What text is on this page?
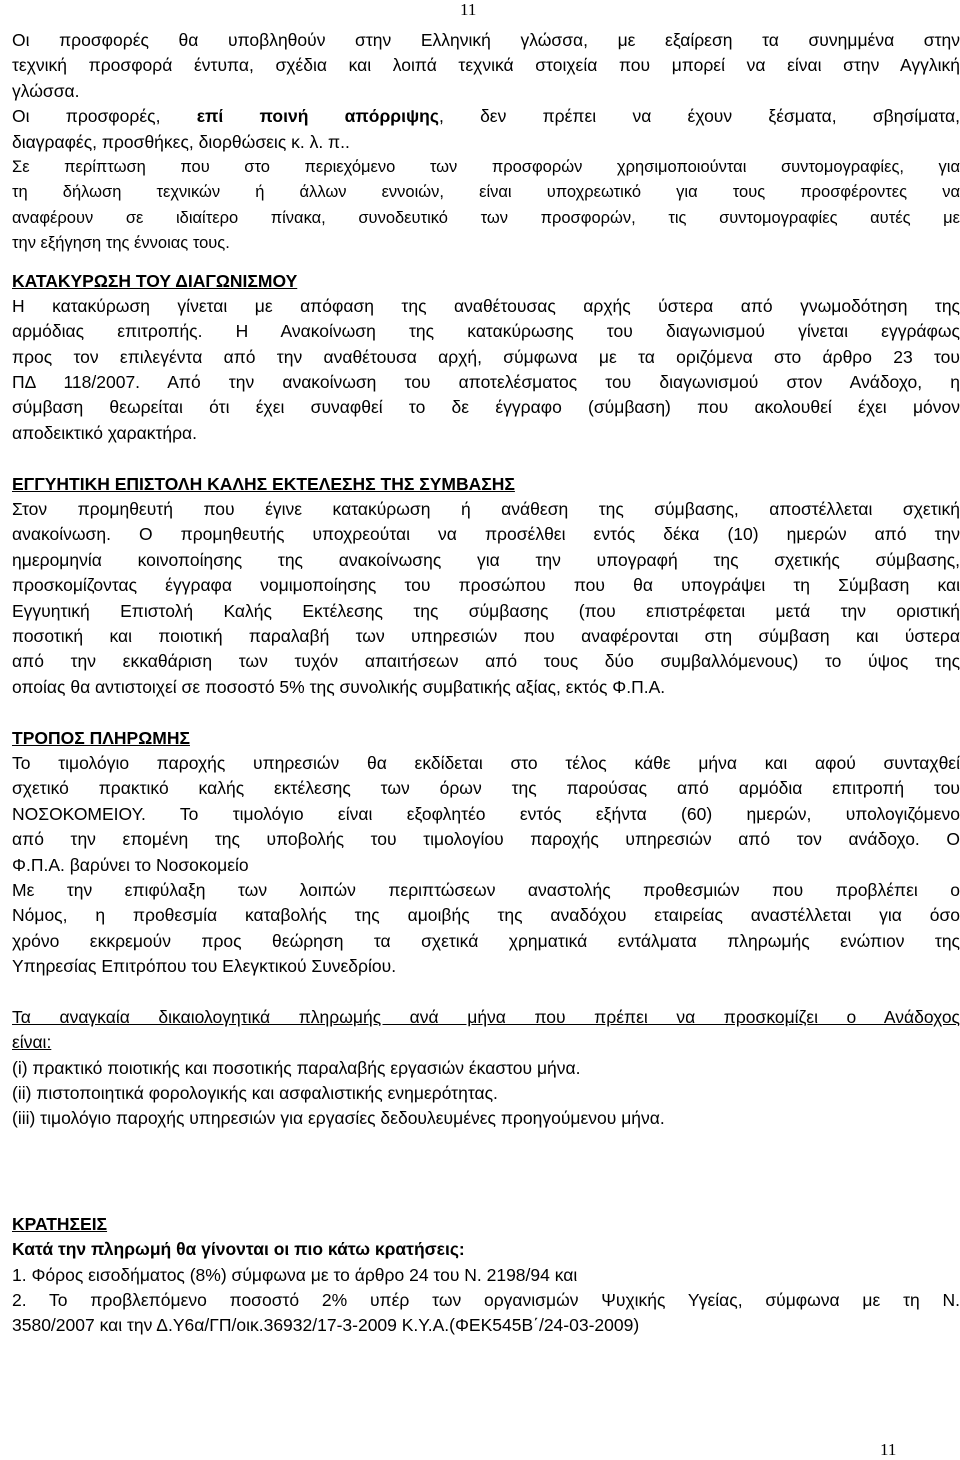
11
Οι προσφορές θα υποβληθούν στην Ελληνική γλώσσα, με εξαίρεση τα συνημμένα στην
τεχνική προσφορά έντυπα, σχέδια και λοιπά τεχνικά στοιχεία που μπορεί να είναι στην Αγγλική
γλώσσα.
Οι προσφορές, επί ποινή απόρριψης, δεν πρέπει να έχουν ξέσματα, σβησίματα,
διαγραφές, προσθήκες, διορθώσεις κ. λ. π..
Σε περίπτωση που στο περιεχόμενο των προσφορών χρησιμοποιούνται συντομογραφίες, για
τη δήλωση τεχνικών ή άλλων εννοιών, είναι υποχρεωτικό για τους προσφέροντες να
αναφέρουν σε ιδιαίτερο πίνακα, συνοδευτικό των προσφορών, τις συντομογραφίες αυτές με
την εξήγηση της έννοιας τους.
ΚΑΤΑΚΥΡΩΣΗ ΤΟΥ ΔΙΑΓΩΝΙΣΜΟΥ
Η κατακύρωση γίνεται με απόφαση της αναθέτουσας αρχής ύστερα από γνωμοδότηση της
αρμόδιας επιτροπής. Η Ανακοίνωση της κατακύρωσης του διαγωνισμού γίνεται εγγράφως
προς τον επιλεγέντα από την αναθέτουσα αρχή, σύμφωνα με τα οριζόμενα στο άρθρο 23 του
ΠΔ 118/2007. Από την ανακοίνωση του αποτελέσματος του διαγωνισμού στον Ανάδοχο, η
σύμβαση θεωρείται ότι έχει συναφθεί το δε έγγραφο (σύμβαση) που ακολουθεί έχει μόνον
αποδεικτικό χαρακτήρα.
ΕΓΓΥΗΤΙΚΗ ΕΠΙΣΤΟΛΗ ΚΑΛΗΣ ΕΚΤΕΛΕΣΗΣ ΤΗΣ ΣΥΜΒΑΣΗΣ
Στον προμηθευτή που έγινε κατακύρωση ή ανάθεση της σύμβασης, αποστέλλεται σχετική
ανακοίνωση. Ο προμηθευτής υποχρεούται να προσέλθει εντός δέκα (10) ημερών από την
ημερομηνία κοινοποίησης της ανακοίνωσης για την υπογραφή της σχετικής σύμβασης,
προσκομίζοντας έγγραφα νομιμοποίησης του προσώπου που θα υπογράψει τη Σύμβαση και
Εγγυητική Επιστολή Καλής Εκτέλεσης της σύμβασης (που επιστρέφεται μετά την οριστική
ποσοτική και ποιοτική παραλαβή των υπηρεσιών που αναφέρονται στη σύμβαση και ύστερα
από την εκκαθάριση των τυχόν απαιτήσεων από τους δύο συμβαλλόμενους) το ύψος της
οποίας θα αντιστοιχεί σε ποσοστό 5% της συνολικής συμβατικής αξίας, εκτός Φ.Π.Α.
ΤΡΟΠΟΣ ΠΛΗΡΩΜΗΣ
Το τιμολόγιο παροχής υπηρεσιών θα εκδίδεται στο τέλος κάθε μήνα και αφού συνταχθεί
σχετικό πρακτικό καλής εκτέλεσης των όρων της παρούσας από αρμόδια επιτροπή του
ΝΟΣΟΚΟΜΕΙΟΥ. Το τιμολόγιο είναι εξοφλητέο εντός εξήντα (60) ημερών, υπολογιζόμενο
από την επομένη της υποβολής του τιμολογίου παροχής υπηρεσιών από τον ανάδοχο. Ο
Φ.Π.Α. βαρύνει το Νοσοκομείο
Με την επιφύλαξη των λοιπών περιπτώσεων αναστολής προθεσμιών που προβλέπει ο
Νόμος, η προθεσμία καταβολής της αμοιβής της αναδόχου εταιρείας αναστέλλεται για όσο
χρόνο εκκρεμούν προς θεώρηση τα σχετικά χρηματικά εντάλματα πληρωμής ενώπιον της
Υπηρεσίας Επιτρόπου του Ελεγκτικού Συνεδρίου.
Τα αναγκαία δικαιολογητικά πληρωμής ανά μήνα που πρέπει να προσκομίζει ο Ανάδοχος
είναι:
(i) πρακτικό ποιοτικής και ποσοτικής παραλαβής εργασιών έκαστου μήνα.
(ii) πιστοποιητικά φορολογικής και ασφαλιστικής ενημερότητας.
(iii) τιμολόγιο παροχής υπηρεσιών για εργασίες δεδουλευμένες προηγούμενου μήνα.
ΚΡΑΤΗΣΕΙΣ
Κατά την πληρωμή θα γίνονται οι πιο κάτω κρατήσεις:
1. Φόρος εισοδήματος (8%) σύμφωνα με το άρθρο 24 του Ν. 2198/94 και
2. Το προβλεπόμενο ποσοστό 2% υπέρ των οργανισμών Ψυχικής Υγείας, σύμφωνα με τη Ν.
3580/2007 και την Δ.Υ6α/ΓΠ/οικ.36932/17-3-2009 Κ.Υ.Α.(ΦΕΚ545Β΄/24-03-2009)
11
